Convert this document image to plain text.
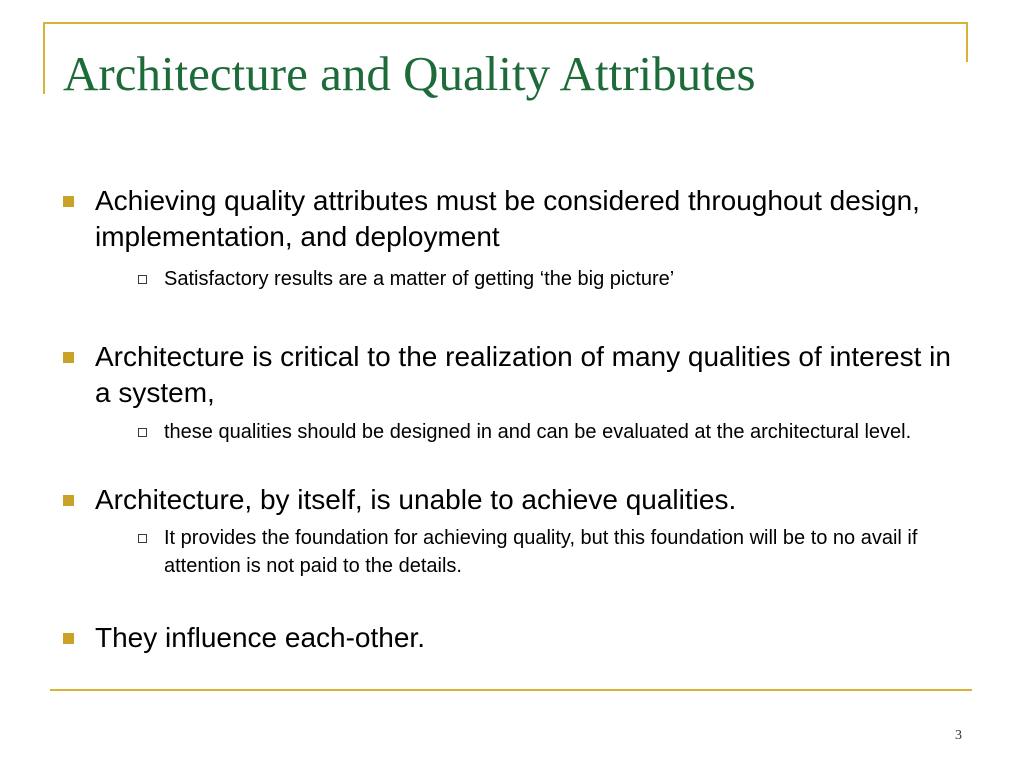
Architecture and Quality Attributes
Achieving quality attributes must be considered throughout design, implementation, and deployment
Satisfactory results are a matter of getting ‘the big picture’
Architecture is critical to the realization of many qualities of interest in a system,
these qualities should be designed in and can be evaluated at the architectural level.
Architecture, by itself, is unable to achieve qualities.
It provides the foundation for achieving quality, but this foundation will be to no avail if attention is not paid to the details.
They influence each-other.
3
